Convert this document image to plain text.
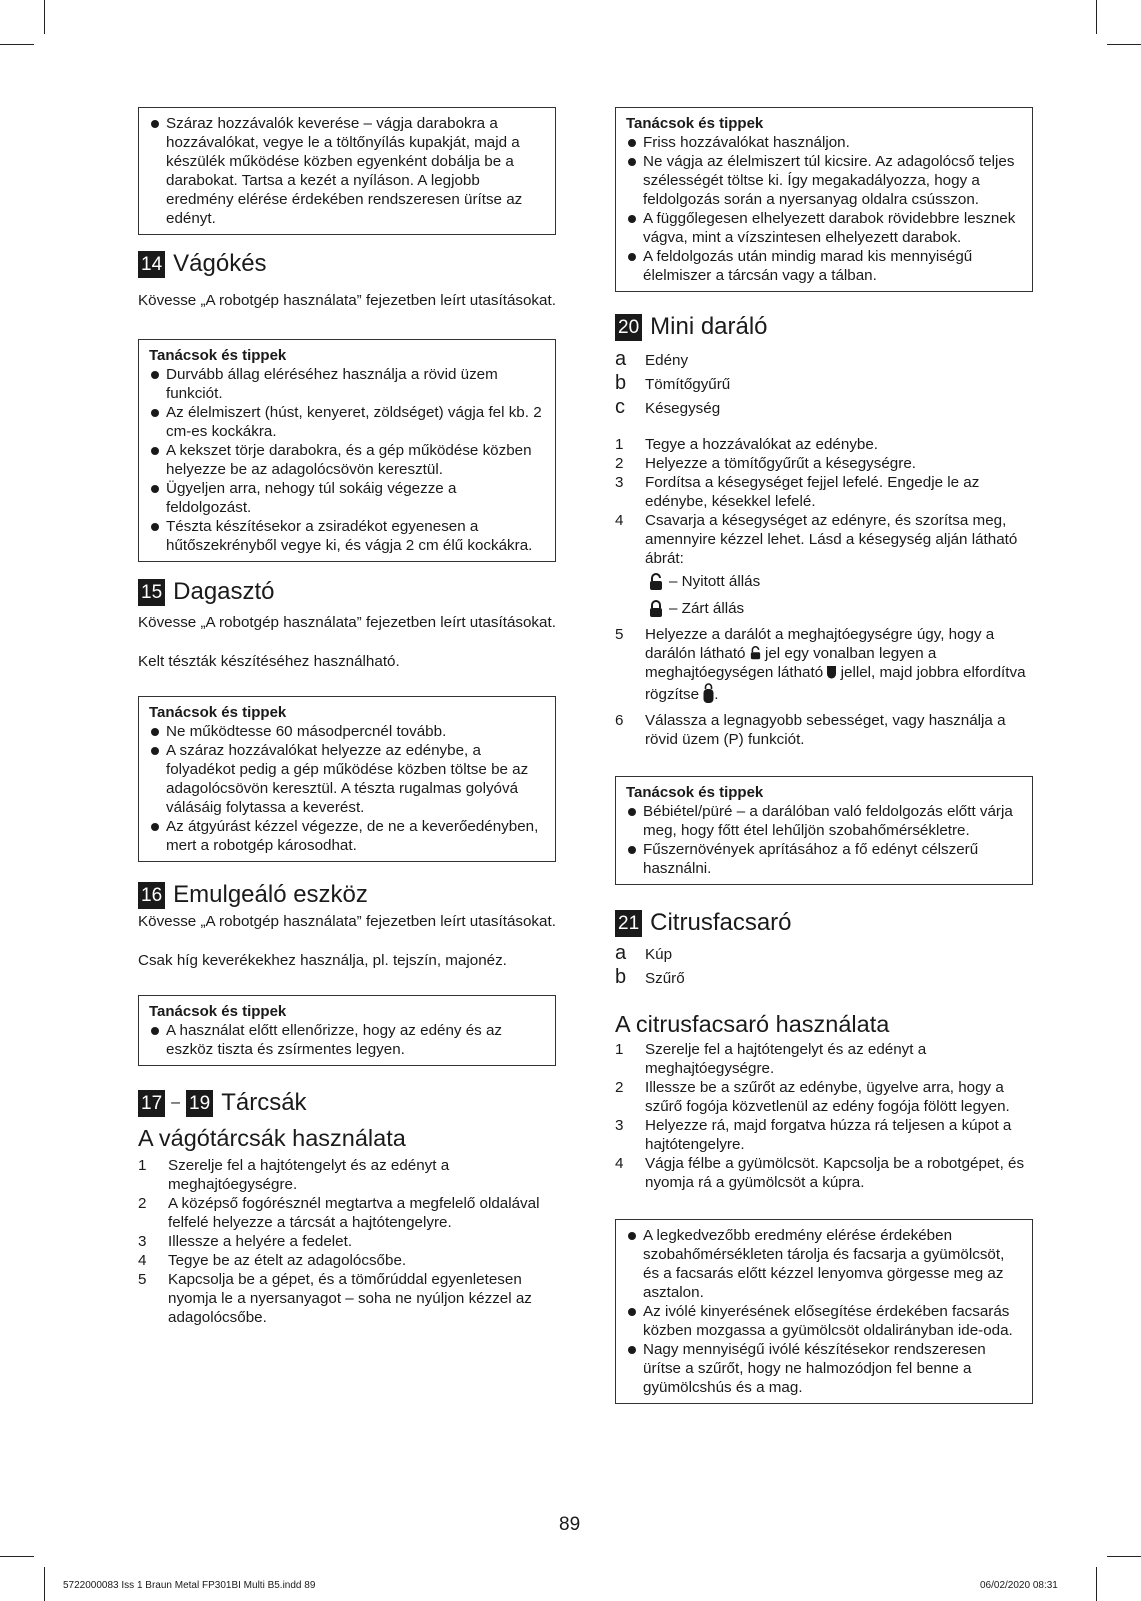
Száraz hozzávalók keverése – vágja darabokra a hozzávalókat, vegye le a töltőnyílás kupakját, majd a készülék működése közben egyenként dobálja be a darabokat. Tartsa a kezét a nyíláson. A legjobb eredmény elérése érdekében rendszeresen ürítse az edényt.
14 Vágókés

Kövesse „A robotgép használata” fejezetben leírt utasításokat.

Tanácsok és tippek
Durvább állag eléréséhez használja a rövid üzem funkciót.
Az élelmiszert (húst, kenyeret, zöldséget) vágja fel kb. 2 cm-es kockákra.
A kekszet törje darabokra, és a gép működése közben helyezze be az adagolócsövön keresztül.
Ügyeljen arra, nehogy túl sokáig végezze a feldolgozást.
Tészta készítésekor a zsiradékot egyenesen a hűtőszekrényből vegye ki, és vágja 2 cm élű kockákra.
15 Dagasztó

Kövesse „A robotgép használata” fejezetben leírt utasításokat.

Kelt tészták készítéséhez használható.

Tanácsok és tippek
Ne működtesse 60 másodpercnél tovább.
A száraz hozzávalókat helyezze az edénybe, a folyadékot pedig a gép működése közben töltse be az adagolócsövön keresztül. A tészta rugalmas golyóvá válásáig folytassa a keverést.
Az átgyúrást kézzel végezze, de ne a keverőedényben, mert a robotgép károsodhat.
16 Emulgeáló eszköz

Kövesse „A robotgép használata” fejezetben leírt utasításokat.

Csak híg keverékekhez használja, pl. tejszín, majonéz.

Tanácsok és tippek
A használat előtt ellenőrizze, hogy az edény és az eszköz tiszta és zsírmentes legyen.
17 – 19 Tárcsák
A vágótárcsák használata
1	Szerelje fel a hajtótengelyt és az edényt a meghajtóegységre.
2	A középső fogórésznél megtartva a megfelelő oldalával felfelé helyezze a tárcsát a hajtótengelyre.
3	Illessze a helyére a fedelet.
4	Tegye be az ételt az adagolócsőbe.
5	Kapcsolja be a gépet, és a tömőrúddal egyenletesen nyomja le a nyersanyagot – soha ne nyúljon kézzel az adagolócsőbe.
Tanácsok és tippek
Friss hozzávalókat használjon.
Ne vágja az élelmiszert túl kicsire. Az adagolócső teljes szélességét töltse ki. Így megakadályozza, hogy a feldolgozás során a nyersanyag oldalra csússzon.
A függőlegesen elhelyezett darabok rövidebbre lesznek vágva, mint a vízszintesen elhelyezett darabok.
A feldolgozás után mindig marad kis mennyiségű élelmiszer a tárcsán vagy a tálban.
20 Mini daráló
a	Edény
b	Tömítőgyűrű
c	Késegység
1	Tegye a hozzávalókat az edénybe.
2	Helyezze a tömítőgyűrűt a késegységre.
3	Fordítsa a késegységet fejjel lefelé. Engedje le az edénybe, késekkel lefelé.
4	Csavarja a késegységet az edényre, és szorítsa meg, amennyire kézzel lehet. Lásd a késegység alján látható ábrát:
– Nyitott állás
– Zárt állás
5	Helyezze a darálót a meghajtóegységre úgy, hogy a darálón látható jel egy vonalban legyen a meghajtóegységen látható jellel, majd jobbra elfordítva rögzítse .
6	Válassza a legnagyobb sebességet, vagy használja a rövid üzem (P) funkciót.
Tanácsok és tippek
Bébiétel/püré – a darálóban való feldolgozás előtt várja meg, hogy főtt étel lehűljön szobahőmérsékletre.
Fűszernövények aprításához a fő edényt célszerű használni.
21 Citrusfacsaró
a	Kúp
b	Szűrő
A citrusfacsaró használata
1	Szerelje fel a hajtótengelyt és az edényt a meghajtóegységre.
2	Illessze be a szűrőt az edénybe, ügyelve arra, hogy a szűrő fogója közvetlenül az edény fogója fölött legyen.
3	Helyezze rá, majd forgatva húzza rá teljesen a kúpot a hajtótengelyre.
4	Vágja félbe a gyümölcsöt. Kapcsolja be a robotgépet, és nyomja rá a gyümölcsöt a kúpra.
A legkedvezőbb eredmény elérése érdekében szobahőmérsékleten tárolja és facsarja a gyümölcsöt, és a facsarás előtt kézzel lenyomva görgesse meg az asztalon.
Az ivólé kinyerésének elősegítése érdekében facsarás közben mozgassa a gyümölcsöt oldalirányban ide-oda.
Nagy mennyiségű ivólé készítésekor rendszeresen ürítse a szűrőt, hogy ne halmozódjon fel benne a gyümölcshús és a mag.
89
5722000083 Iss 1 Braun Metal FP301BI Multi B5.indd 89	06/02/2020 08:31
